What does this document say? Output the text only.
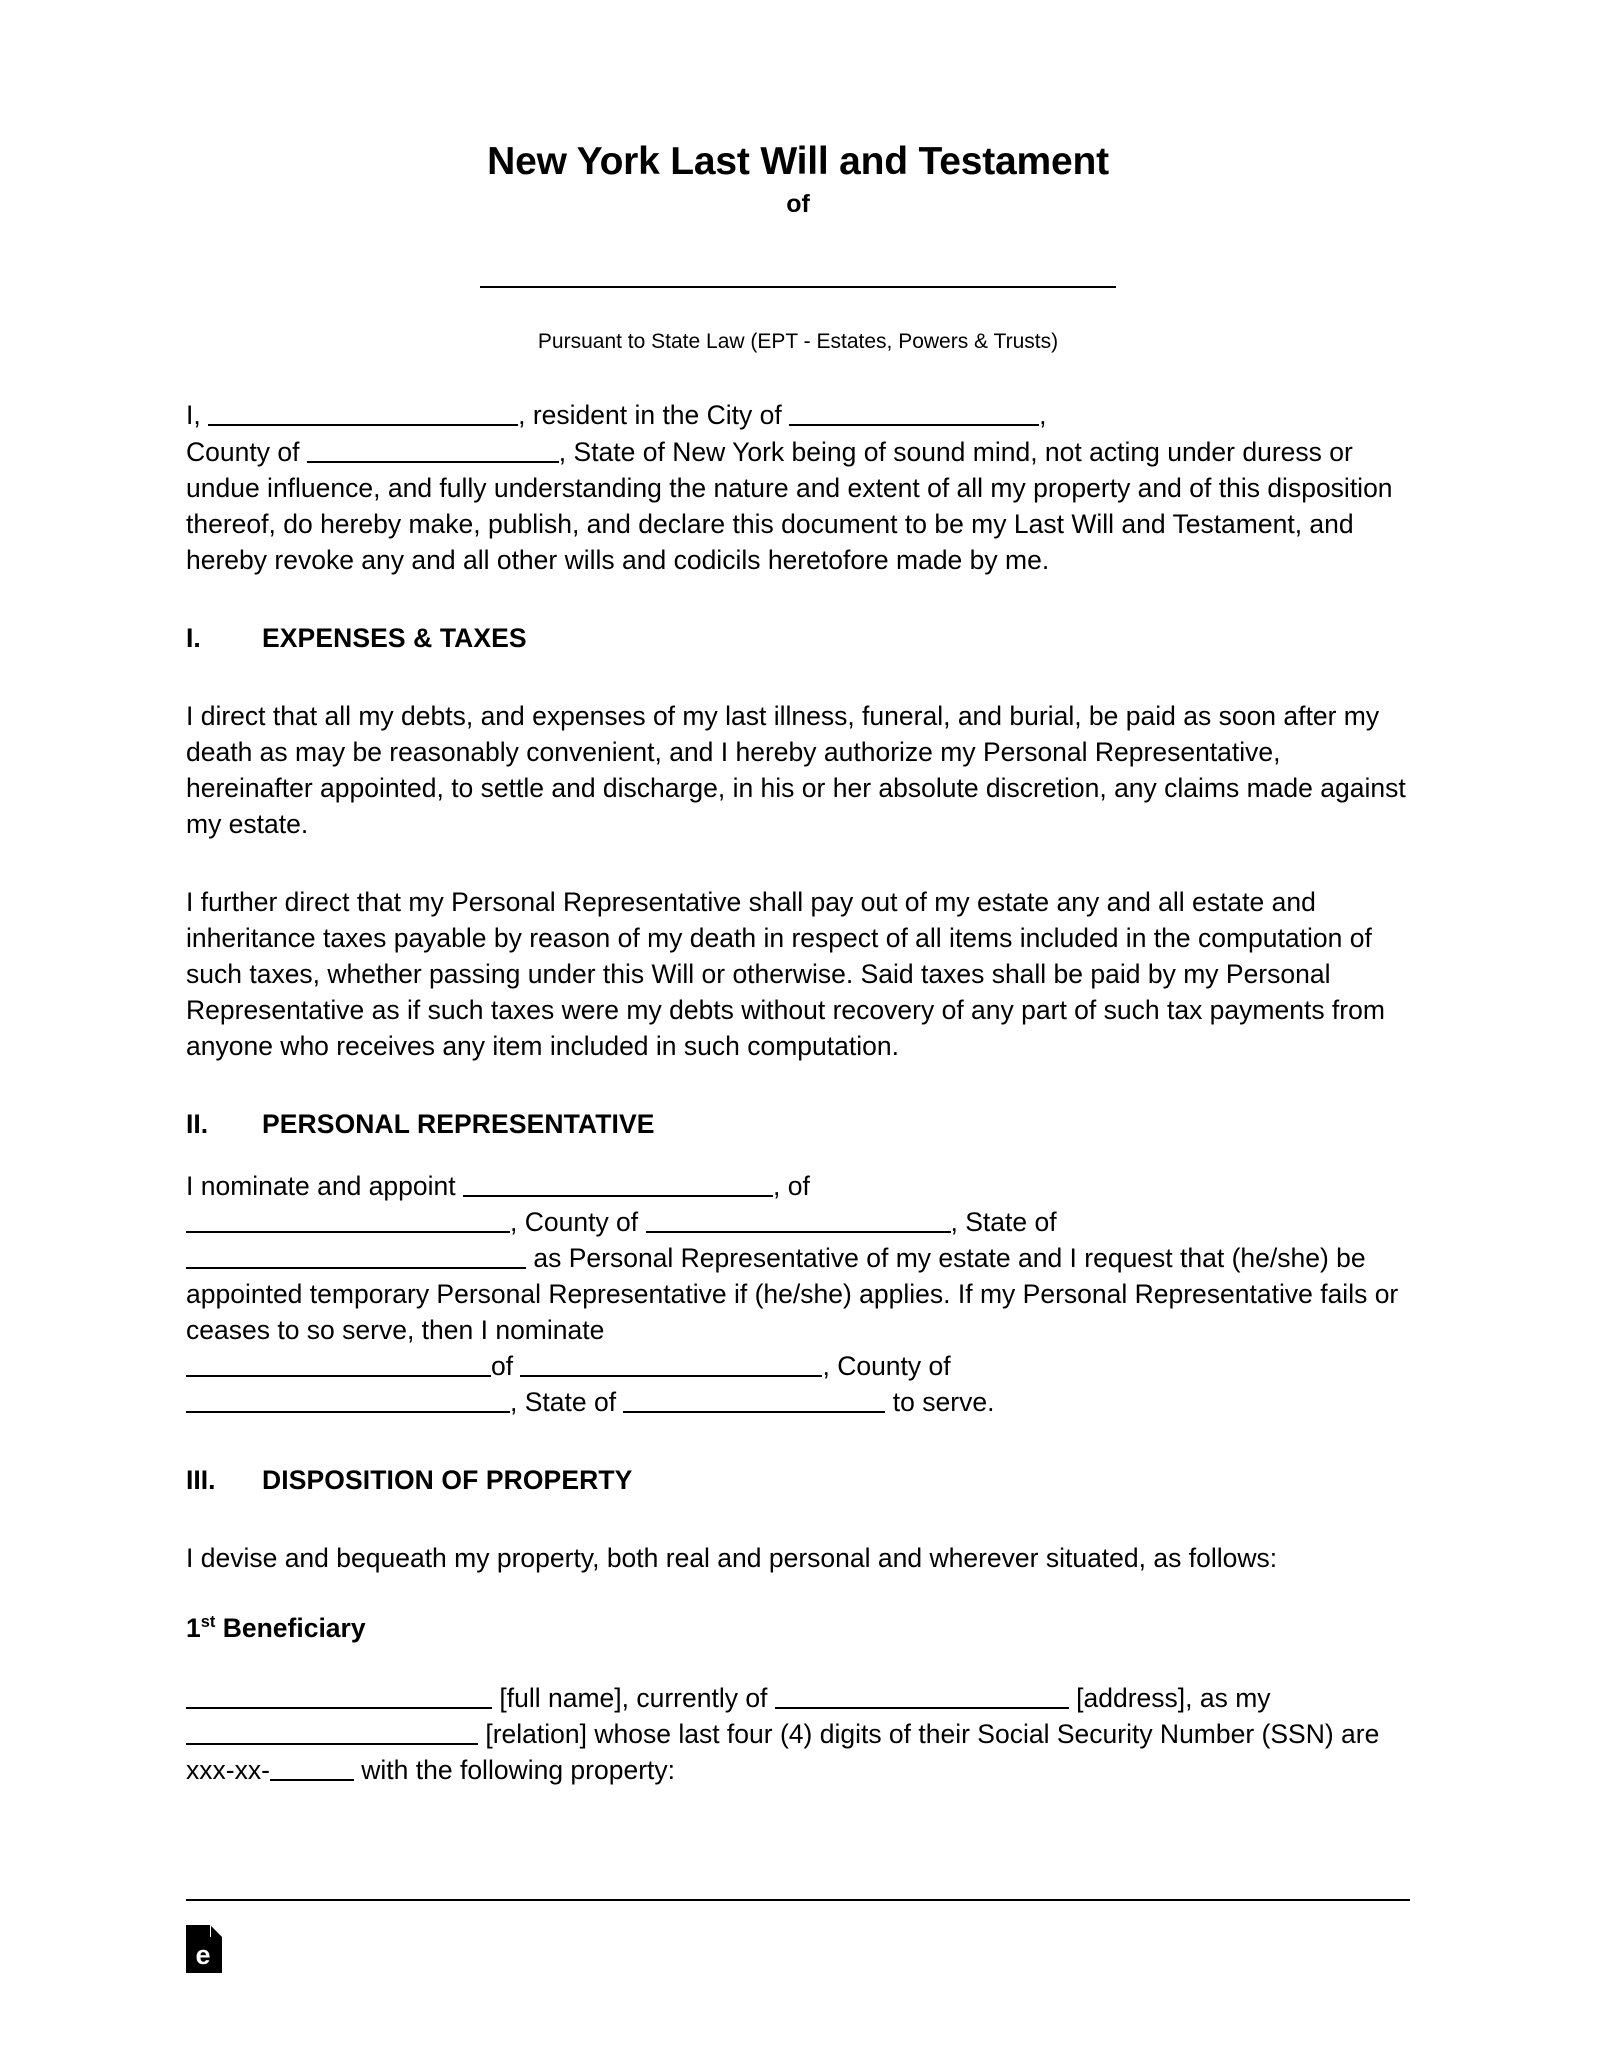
New York Last Will and Testament
of
Pursuant to State Law (EPT - Estates, Powers & Trusts)

I,	, resident in the City of	,
County of	, State of New York being of sound mind, not acting under duress or undue influence, and fully understanding the nature and extent of all my property and of this disposition thereof, do hereby make, publish, and declare this document to be my Last Will and Testament, and hereby revoke any and all other wills and codicils heretofore made by me.

I.	EXPENSES & TAXES

I direct that all my debts, and expenses of my last illness, funeral, and burial, be paid as soon after my death as may be reasonably convenient, and I hereby authorize my Personal Representative, hereinafter appointed, to settle and discharge, in his or her absolute discretion, any claims made against my estate.

I further direct that my Personal Representative shall pay out of my estate any and all estate and inheritance taxes payable by reason of my death in respect of all items included in the computation of such taxes, whether passing under this Will or otherwise. Said taxes shall be paid by my Personal Representative as if such taxes were my debts without recovery of any part of such tax payments from anyone who receives any item included in such computation.

II.	PERSONAL REPRESENTATIVE

I nominate and appoint	, of
, County of	, State of
as Personal Representative of my estate and I request that (he/she) be appointed temporary Personal Representative if (he/she) applies. If my Personal Representative fails or ceases to so serve, then I nominate
of	, County of
, State of	to serve.

III.	DISPOSITION OF PROPERTY

I devise and bequeath my property, both real and personal and wherever situated, as follows:

1st Beneficiary

[full name], currently of	[address], as my  [relation] whose last four (4) digits of their Social Security Number (SSN) are xxx-xx-	with the following property:

e
